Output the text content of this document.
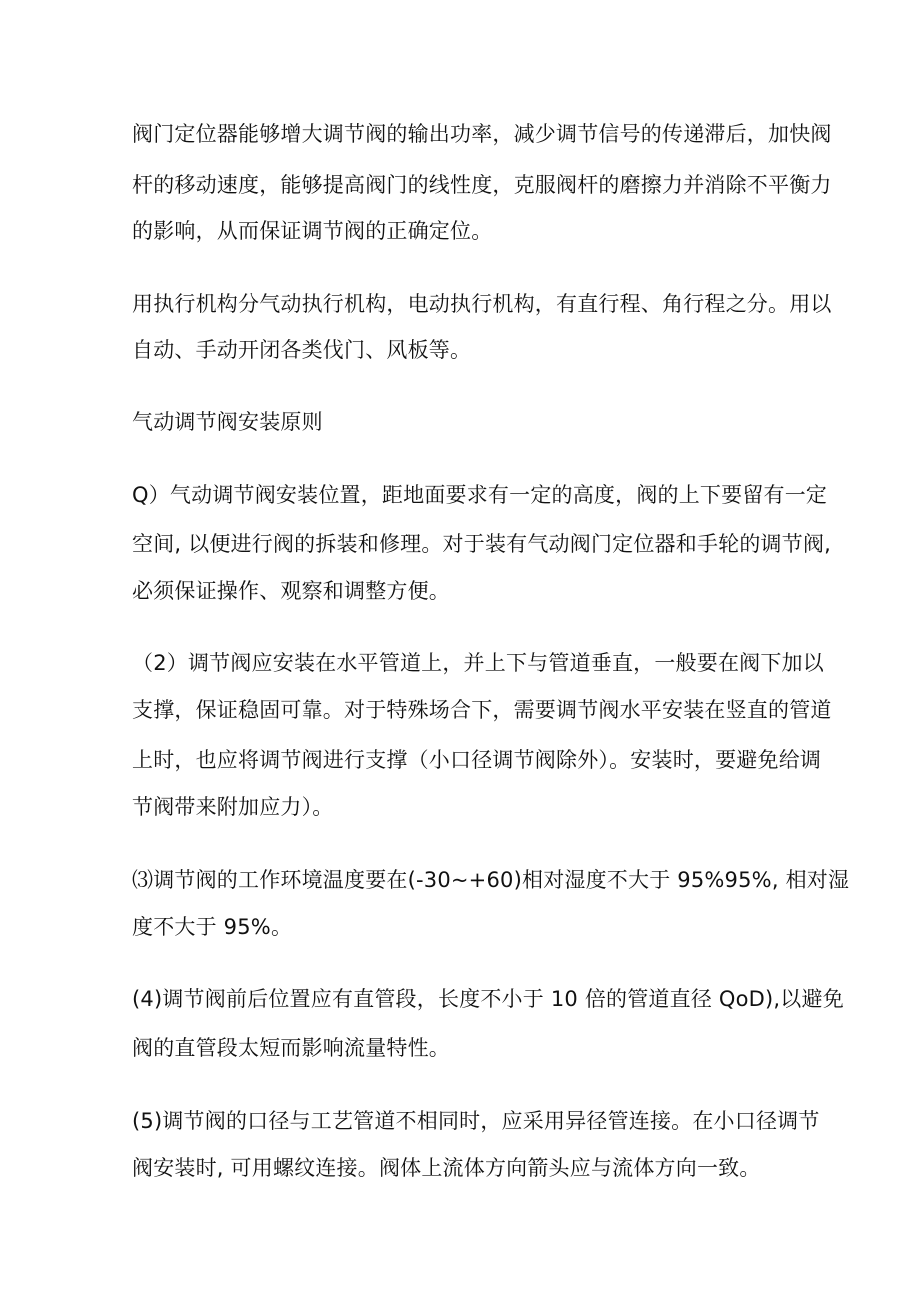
阀门定位器能够增大调节阀的输出功率，减少调节信号的传递滞后，加快阀
杆的移动速度，能够提高阀门的线性度，克服阀杆的磨擦力并消除不平衡力
的影响，从而保证调节阀的正确定位。
用执行机构分气动执行机构，电动执行机构，有直行程、角行程之分。用以
自动、手动开闭各类伐门、风板等。
气动调节阀安装原则
Q）气动调节阀安装位置，距地面要求有一定的高度，阀的上下要留有一定
空间, 以便进行阀的拆装和修理。对于装有气动阀门定位器和手轮的调节阀,
必须保证操作、观察和调整方便。
（2）调节阀应安装在水平管道上，并上下与管道垂直，一般要在阀下加以
支撑，保证稳固可靠。对于特殊场合下，需要调节阀水平安装在竖直的管道
上时，也应将调节阀进行支撑（小口径调节阀除外）。安装时，要避免给调
节阀带来附加应力）。
⑶调节阀的工作环境温度要在(-30~+60)相对湿度不大于 95%95%, 相对湿
度不大于 95%。
(4)调节阀前后位置应有直管段，长度不小于 10 倍的管道直径 QoD),以避免
阀的直管段太短而影响流量特性。
(5)调节阀的口径与工艺管道不相同时，应采用异径管连接。在小口径调节
阀安装时, 可用螺纹连接。阀体上流体方向箭头应与流体方向一致。
